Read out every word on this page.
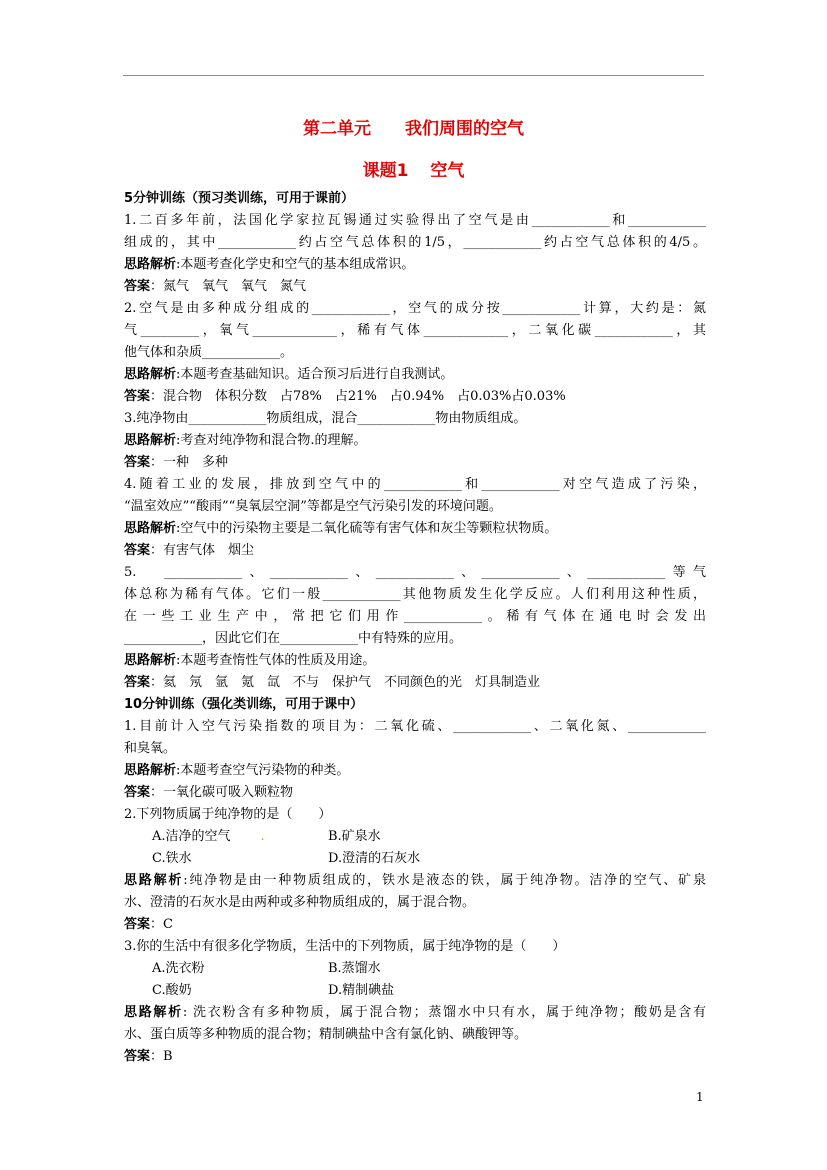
第二单元 我们周围的空气
课题1 空气
5分钟训练（预习类训练，可用于课前）
1.二百多年前，法国化学家拉瓦锡通过实验得出了空气是由____________和____________
组成的，其中____________约占空气总体积的1/5，____________约占空气总体积的4/5。
思路解析:本题考查化学史和空气的基本组成常识。
答案：氮气　氧气　氧气　氮气
2.空气是由多种成分组成的____________，空气的成分按____________计算，大约是：氮
气_________，氧气_____________，稀有气体_____________，二氧化碳____________，其
他气体和杂质____________。
思路解析:本题考查基础知识。适合预习后进行自我测试。
答案：混合物　体积分数　占78%　占21%　占0.94%　占0.03%占0.03%
3.纯净物由____________物质组成，混合____________物由物质组成。
思路解析:考查对纯净物和混合物.的理解。
答案：一种　多种
4.随着工业的发展，排放到空气中的____________和____________对空气造成了污染，
“温室效应”“酸雨”“臭氧层空洞”等都是空气污染引发的环境问题。
思路解析:空气中的污染物主要是二氧化硫等有害气体和灰尘等颗粒状物质。
答案：有害气体　烟尘
5.　____________、____________、____________、____________、____________等气
体总称为稀有气体。它们一般____________其他物质发生化学反应。人们利用这种性质，
在一些工业生产中，常把它们用作____________。稀有气体在通电时会发出
____________，因此它们在____________中有特殊的应用。
思路解析:本题考查惰性气体的性质及用途。
答案：氦　氖　氩　氪　氙　不与　保护气　不同颜色的光　灯具制造业
10分钟训练（强化类训练，可用于课中）
1.目前计入空气污染指数的项目为：二氧化硫、____________、二氧化氮、____________
和臭氧。
思路解析:本题考查空气污染物的种类。
答案：一氧化碳可吸入颗粒物
2.下列物质属于纯净物的是（　　）
A.洁净的空气 .	B.矿泉水
C.铁水	D.澄清的石灰水
思路解析:纯净物是由一种物质组成的，铁水是液态的铁，属于纯净物。洁净的空气、矿泉
水、澄清的石灰水是由两种或多种物质组成的，属于混合物。
答案：C
3.你的生活中有很多化学物质，生活中的下列物质，属于纯净物的是（　　）
A.洗衣粉	B.蒸馏水
C.酸奶	D.精制碘盐
思路解析: 洗衣粉含有多种物质，属于混合物；蒸馏水中只有水，属于纯净物；酸奶是含有
水、蛋白质等多种物质的混合物；精制碘盐中含有氯化钠、碘酸钾等。
答案：B
1
